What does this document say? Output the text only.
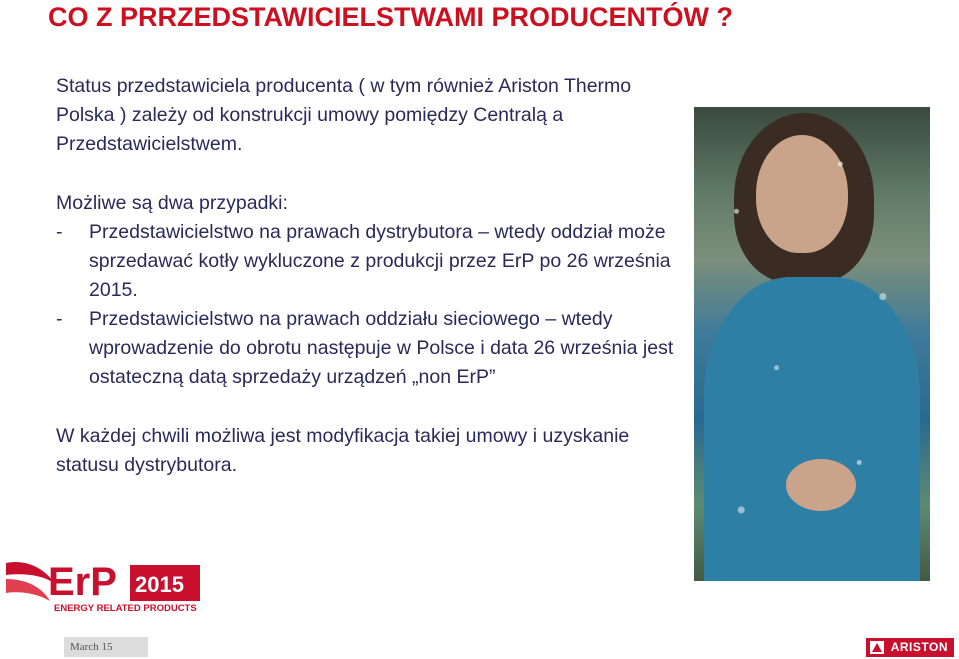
CO Z PRRZEDSTAWICIELSTWAMI PRODUCENTÓW ?

Status przedstawiciela producenta ( w tym również Ariston Thermo Polska ) zależy od konstrukcji umowy pomiędzy Centralą a Przedstawicielstwem.

Możliwe są dwa przypadki:
- Przedstawicielstwo na prawach dystrybutora – wtedy oddział może sprzedawać kotły wykluczone z produkcji przez ErP po 26 września 2015.
- Przedstawicielstwo na prawach oddziału sieciowego – wtedy wprowadzenie do obrotu następuje w Polsce i data 26 września jest ostateczną datą sprzedaży urządzeń „non ErP”

W każdej chwili możliwa jest modyfikacja takiej umowy i uzyskanie statusu dystrybutora.

ErP 2015
ENERGY RELATED PRODUCTS
March 15	ARISTON
